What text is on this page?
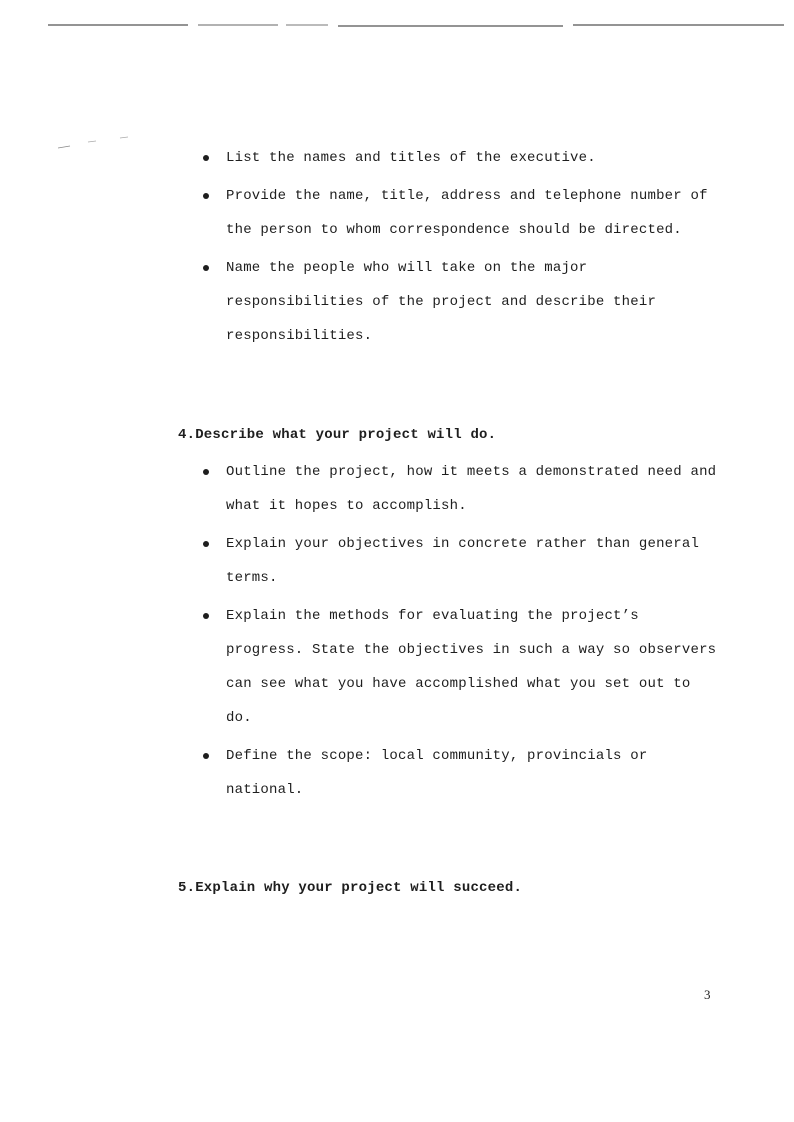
List the names and titles of the executive.
Provide the name, title, address and telephone number of the person to whom correspondence should be directed.
Name the people who will take on the major responsibilities of the project and describe their responsibilities.
4.Describe what your project will do.
Outline the project, how it meets a demonstrated need and what it hopes to accomplish.
Explain your objectives in concrete rather than general terms.
Explain the methods for evaluating the project’s progress. State the objectives in such a way so observers can see what you have accomplished what you set out to do.
Define the scope: local community, provincials or national.
5.Explain why your project will succeed.
3
